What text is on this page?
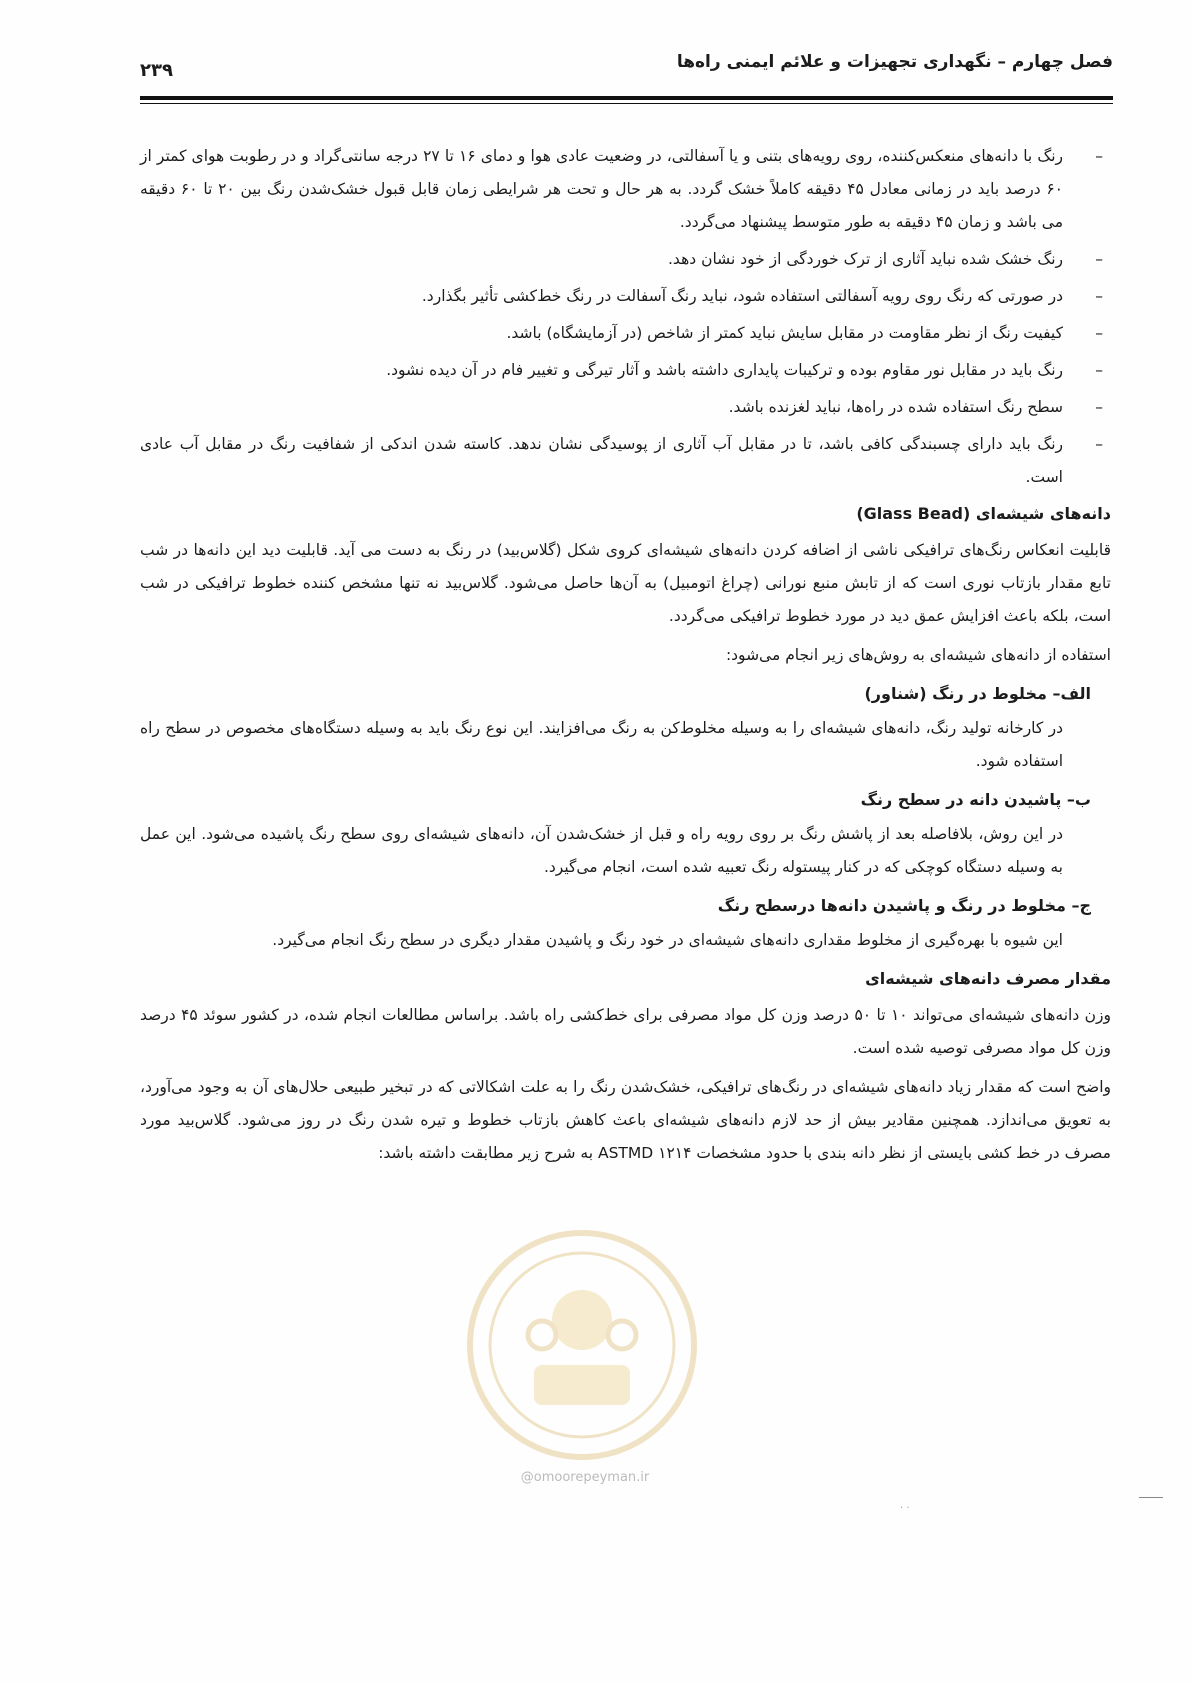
فصل چهارم – نگهداری تجهیزات و علائم ایمنی راه‌ها
۲۳۹
–
رنگ با دانه‌های منعکس‌کننده، روی رویه‌های بتنی و یا آسفالتی، در وضعیت عادی هوا و دمای ۱۶ تا ۲۷ درجه سانتی‌گراد و در رطوبت هوای کمتر از ۶۰ درصد باید در زمانی معادل ۴۵ دقیقه کاملاً خشک گردد. به هر حال و تحت هر شرایطی زمان قابل قبول خشک‌شدن رنگ بین ۲۰ تا ۶۰ دقیقه می باشد و زمان ۴۵ دقیقه به طور متوسط پیشنهاد می‌گردد.
–
رنگ خشک شده نباید آثاری از ترک خوردگی از خود نشان دهد.
–
در صورتی که رنگ روی رویه آسفالتی استفاده شود، نباید رنگ آسفالت در رنگ خط‌کشی تأثیر بگذارد.
–
کیفیت رنگ از نظر مقاومت در مقابل سایش نباید کمتر از شاخص (در آزمایشگاه) باشد.
–
رنگ باید در مقابل نور مقاوم بوده و ترکیبات پایداری داشته باشد و آثار تیرگی و تغییر فام در آن دیده نشود.
–
سطح رنگ استفاده شده در راه‌ها، نباید لغزنده باشد.
–
رنگ باید دارای چسبندگی کافی باشد، تا در مقابل آب آثاری از پوسیدگی نشان ندهد. کاسته شدن اندکی از شفافیت رنگ در مقابل آب عادی است.
دانه‌های شیشه‌ای (Glass Bead)

قابلیت انعکاس رنگ‌های ترافیکی ناشی از اضافه کردن دانه‌های شیشه‌ای کروی شکل (گلاس‌بید) در رنگ به دست می آید. قابلیت دید این دانه‌ها در شب تابع مقدار بازتاب نوری است که از تابش منبع نورانی (چراغ اتومبیل) به آن‌ها حاصل می‌شود. گلاس‌بید نه تنها مشخص کننده خطوط ترافیکی در شب است، بلکه باعث افزایش عمق دید در مورد خطوط ترافیکی می‌گردد.

استفاده از دانه‌های شیشه‌ای به روش‌های زیر انجام می‌شود:

الف– مخلوط در رنگ (شناور)

در کارخانه تولید رنگ، دانه‌های شیشه‌ای را به وسیله مخلوط‌کن به رنگ می‌افزایند. این نوع رنگ باید به وسیله دستگاه‌های مخصوص در سطح راه استفاده شود.

ب– پاشیدن دانه در سطح رنگ

در این روش، بلافاصله بعد از پاشش رنگ بر روی رویه راه و قبل از خشک‌شدن آن، دانه‌های شیشه‌ای روی سطح رنگ پاشیده می‌شود. این عمل به وسیله دستگاه کوچکی که در کنار پیستوله رنگ تعبیه شده است، انجام می‌گیرد.

ج– مخلوط در رنگ و پاشیدن دانه‌ها درسطح رنگ

این شیوه با بهره‌گیری از مخلوط مقداری دانه‌های شیشه‌ای در خود رنگ و پاشیدن مقدار دیگری در سطح رنگ انجام می‌گیرد.

مقدار مصرف دانه‌های شیشه‌ای

وزن دانه‌های شیشه‌ای می‌تواند ۱۰ تا ۵۰ درصد وزن کل مواد مصرفی برای خط‌کشی راه باشد. براساس مطالعات انجام شده، در کشور سوئد ۴۵ درصد وزن کل مواد مصرفی توصیه شده است.

واضح است که مقدار زیاد دانه‌های شیشه‌ای در رنگ‌های ترافیکی، خشک‌شدن رنگ را به علت اشکالاتی که در تبخیر طبیعی حلال‌های آن به وجود می‌آورد، به تعویق می‌اندازد. همچنین مقادیر بیش از حد لازم دانه‌های شیشه‌ای باعث کاهش بازتاب خطوط و تیره شدن رنگ در روز می‌شود. گلاس‌بید مورد مصرف در خط کشی بایستی از نظر دانه بندی با حدود مشخصات ASTMD ۱۲۱۴ به شرح زیر مطابقت داشته باشد:

@omoorepeyman.ir
. .
